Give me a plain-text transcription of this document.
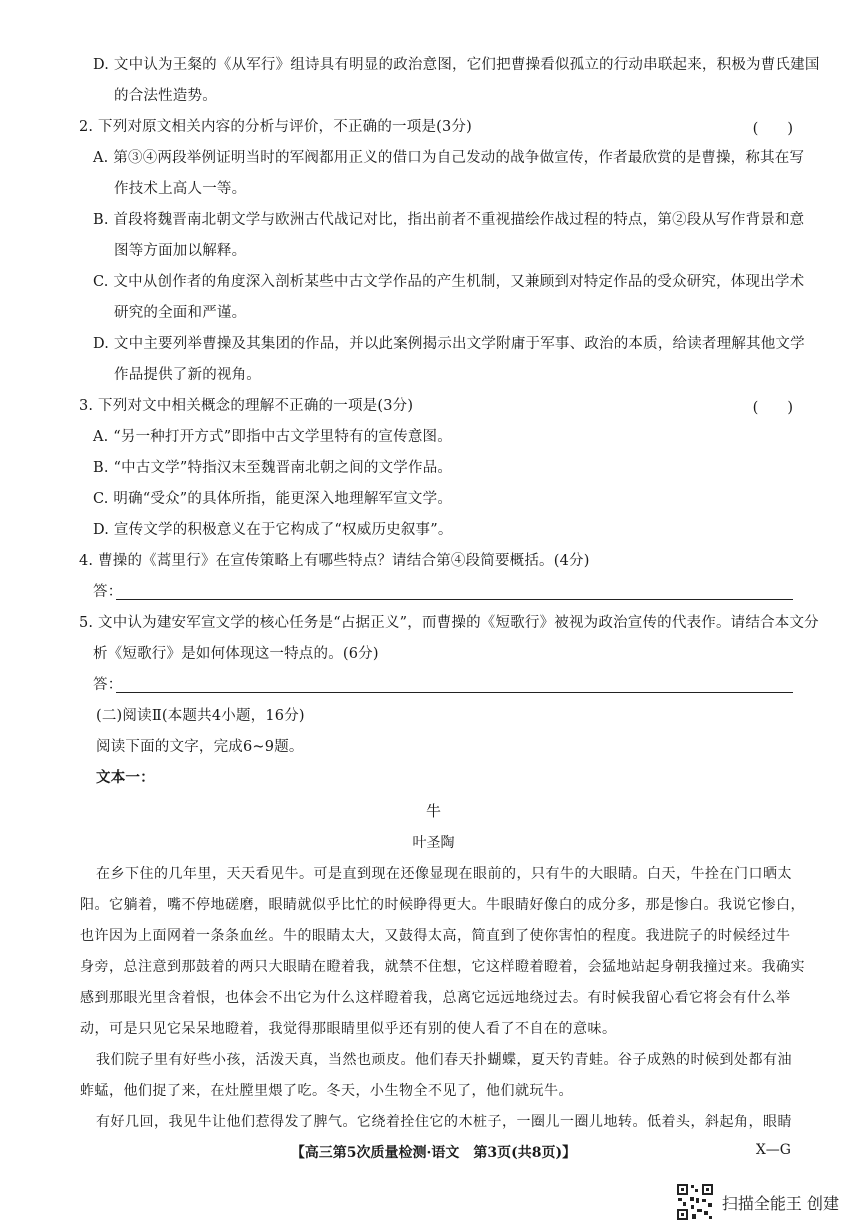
D. 文中认为王粲的《从军行》组诗具有明显的政治意图，它们把曹操看似孤立的行动串联起来，积极为曹氏建国
的合法性造势。
2. 下列对原文相关内容的分析与评价，不正确的一项是(3分)	(　　)
A. 第③④两段举例证明当时的军阀都用正义的借口为自己发动的战争做宣传，作者最欣赏的是曹操，称其在写
作技术上高人一等。
B. 首段将魏晋南北朝文学与欧洲古代战记对比，指出前者不重视描绘作战过程的特点，第②段从写作背景和意
图等方面加以解释。
C. 文中从创作者的角度深入剖析某些中古文学作品的产生机制，又兼顾到对特定作品的受众研究，体现出学术
研究的全面和严谨。
D. 文中主要列举曹操及其集团的作品，并以此案例揭示出文学附庸于军事、政治的本质，给读者理解其他文学
作品提供了新的视角。
3. 下列对文中相关概念的理解不正确的一项是(3分)	(　　)
A. “另一种打开方式”即指中古文学里特有的宣传意图。
B. “中古文学”特指汉末至魏晋南北朝之间的文学作品。
C. 明确“受众”的具体所指，能更深入地理解军宣文学。
D. 宣传文学的积极意义在于它构成了“权威历史叙事”。
4. 曹操的《蒿里行》在宣传策略上有哪些特点？请结合第④段简要概括。(4分)
答：
5. 文中认为建安军宣文学的核心任务是“占据正义”，而曹操的《短歌行》被视为政治宣传的代表作。请结合本文分
析《短歌行》是如何体现这一特点的。(6分)
答：
(二)阅读Ⅱ(本题共4小题，16分)
阅读下面的文字，完成6~9题。
文本一：
牛
叶圣陶
在乡下住的几年里，天天看见牛。可是直到现在还像显现在眼前的，只有牛的大眼睛。白天，牛拴在门口晒太
阳。它躺着，嘴不停地磋磨，眼睛就似乎比忙的时候睁得更大。牛眼睛好像白的成分多，那是惨白。我说它惨白，
也许因为上面网着一条条血丝。牛的眼睛太大，又鼓得太高，简直到了使你害怕的程度。我进院子的时候经过牛
身旁，总注意到那鼓着的两只大眼睛在瞪着我，就禁不住想，它这样瞪着瞪着，会猛地站起身朝我撞过来。我确实
感到那眼光里含着恨，也体会不出它为什么这样瞪着我，总离它远远地绕过去。有时候我留心看它将会有什么举
动，可是只见它呆呆地瞪着，我觉得那眼睛里似乎还有别的使人看了不自在的意味。
我们院子里有好些小孩，活泼天真，当然也顽皮。他们春天扑蝴蝶，夏天钓青蛙。谷子成熟的时候到处都有油
蚱蜢，他们捉了来，在灶膛里煨了吃。冬天，小生物全不见了，他们就玩牛。
有好几回，我见牛让他们惹得发了脾气。它绕着拴住它的木桩子，一圈儿一圈儿地转。低着头，斜起角，眼睛
【高三第5次质量检测·语文　第3页(共8页)】	X—G
扫描全能王 创建
